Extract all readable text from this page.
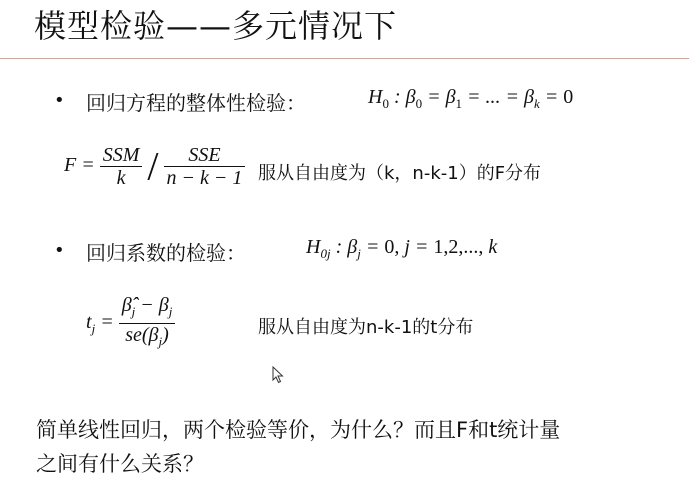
模型检验——多元情况下
• 回归方程的整体性检验：	$H_0$ : $\beta_0 = \beta_1$ = ... = $\beta_k = 0$
$F = \frac{\text{SSM}}{k} / \frac{\text{SSE}}{n - k - 1}$ 服从自由度为（k，n-k-1）的F分布
• 回归系数的检验：	$H_{0j}$ : $\beta_j = 0$, j = 1,2,..., k
$t_j = \frac{\betâ_j - \beta_j}{se(\beta_j)}$	服从自由度为n-k-1的t分布
简单线性回归，两个检验等价，为什么？而且F和t统计量
之间有什么关系？
